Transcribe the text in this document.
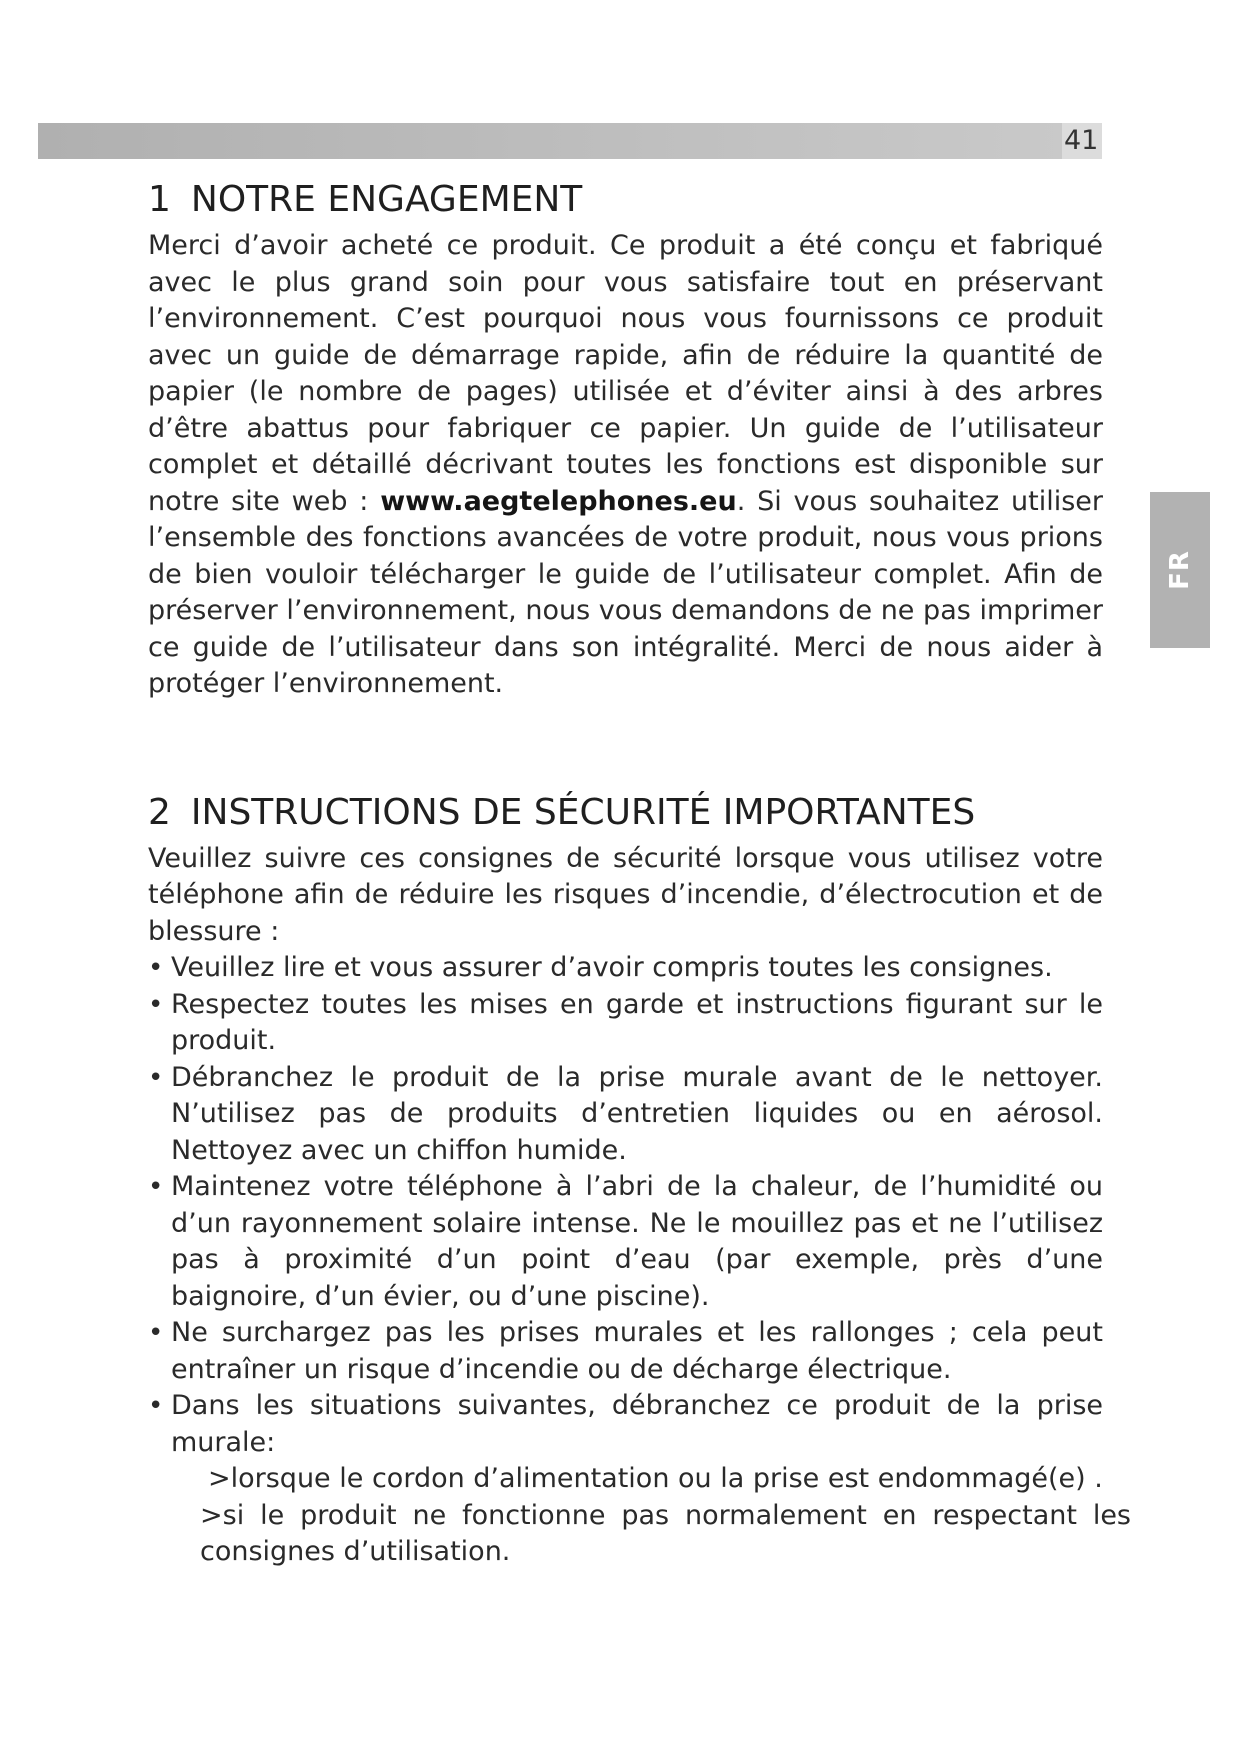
41
FR
1 NOTRE ENGAGEMENT

Merci d’avoir acheté ce produit. Ce produit a été conçu et fabriqué avec le plus grand soin pour vous satisfaire tout en préservant l’environnement. C’est pourquoi nous vous fournissons ce produit avec un guide de démarrage rapide, afin de réduire la quantité de papier (le nombre de pages) utilisée et d’éviter ainsi à des arbres d’être abattus pour fabriquer ce papier. Un guide de l’utilisateur complet et détaillé décrivant toutes les fonctions est disponible sur notre site web : www.aegtelephones.eu. Si vous souhaitez utiliser l’ensemble des fonctions avancées de votre produit, nous vous prions de bien vouloir télécharger le guide de l’utilisateur complet. Afin de préserver l’environnement, nous vous demandons de ne pas imprimer ce guide de l’utilisateur dans son intégralité. Merci de nous aider à protéger l’environnement.

2 INSTRUCTIONS DE SÉCURITÉ IMPORTANTES

Veuillez suivre ces consignes de sécurité lorsque vous utilisez votre téléphone afin de réduire les risques d’incendie, d’électrocution et de blessure :

• Veuillez lire et vous assurer d’avoir compris toutes les consignes.
• Respectez toutes les mises en garde et instructions figurant sur le produit.
• Débranchez le produit de la prise murale avant de le nettoyer. N’utilisez pas de produits d’entretien liquides ou en aérosol. Nettoyez avec un chiffon humide.
• Maintenez votre téléphone à l’abri de la chaleur, de l’humidité ou d’un rayonnement solaire intense. Ne le mouillez pas et ne l’utilisez pas à proximité d’un point d’eau (par exemple, près d’une baignoire, d’un évier, ou d’une piscine).
• Ne surchargez pas les prises murales et les rallonges ; cela peut entraîner un risque d’incendie ou de décharge électrique.
• Dans les situations suivantes, débranchez ce produit de la prise murale:
>lorsque le cordon d’alimentation ou la prise est endommagé(e) .
>si le produit ne fonctionne pas normalement en respectant les consignes d’utilisation.
